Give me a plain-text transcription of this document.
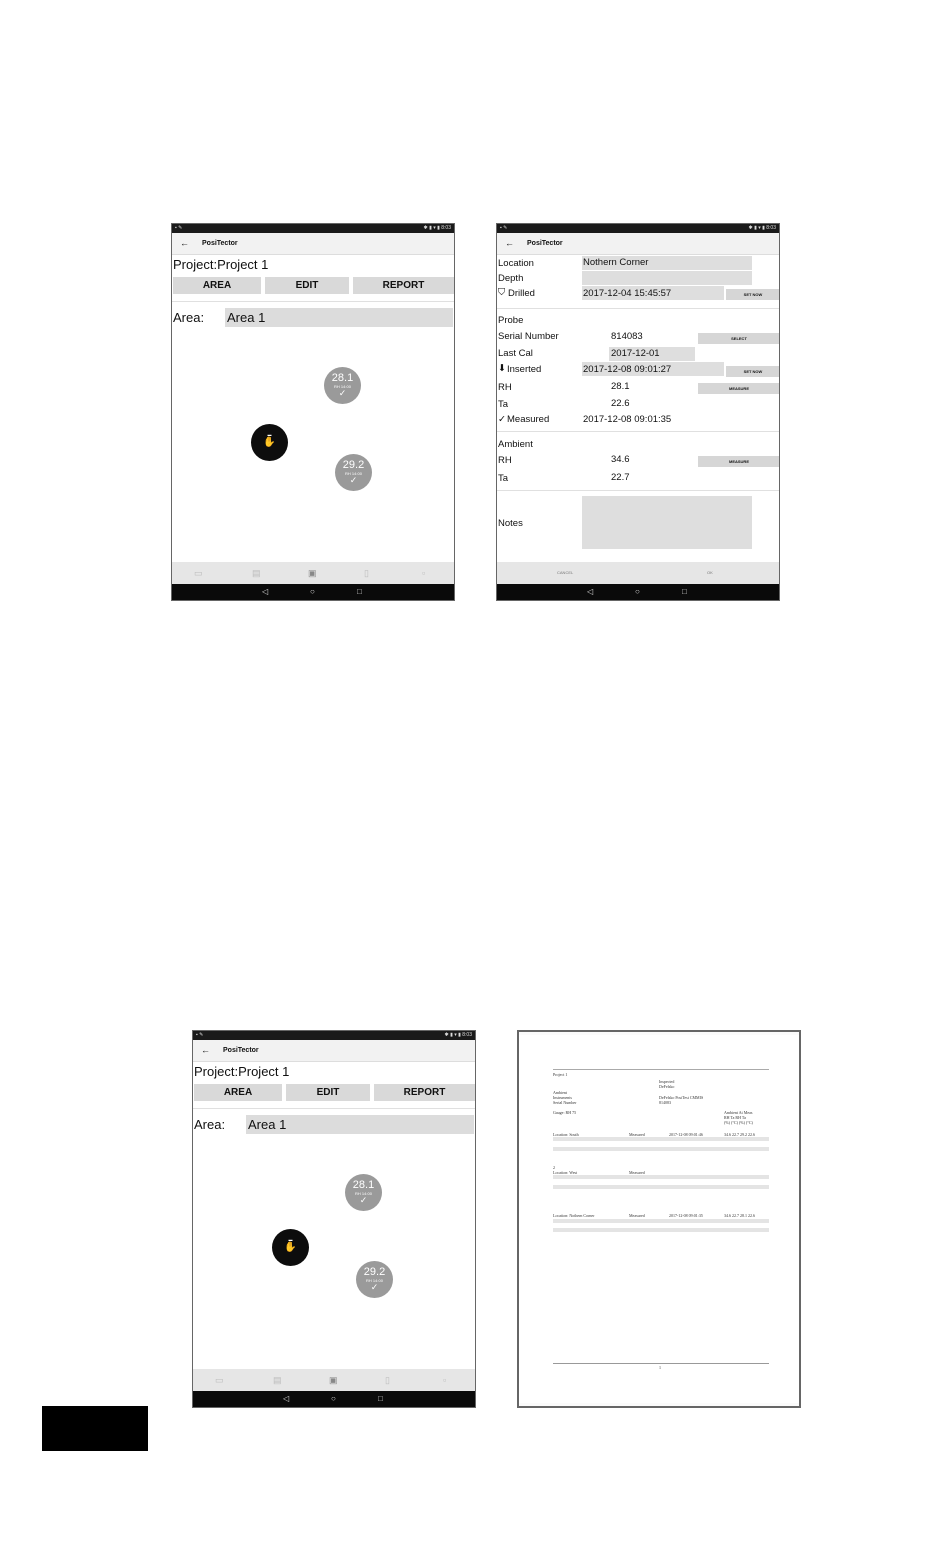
▪ ✎	✱ ▮ ▾ ▮ 8:03
← PosiTector
Project:Project 1
AREA	EDIT	REPORT
Area: Area 1
28.1
RH 14:00
✓
▬
✋
29.2
RH 14:00
✓
▭	▤	▣	▯	▫
◁	○	□
▪ ✎	✱ ▮ ▾ ▮ 8:03
← PosiTector
Location	Nothern Corner
Depth
⛉ Drilled	2017-12-04 15:45:57	SET NOW
Probe
Serial Number	814083	SELECT
Last Cal	2017-12-01
⬇ Inserted	2017-12-08 09:01:27	SET NOW
RH	28.1	MEASURE
Ta	22.6
✓ Measured	2017-12-08 09:01:35
Ambient
RH	34.6	MEASURE
Ta	22.7
Notes
CANCEL	OK
◁	○	□
▪ ✎	✱ ▮ ▾ ▮ 8:03
← PosiTector
Project:Project 1
AREA	EDIT	REPORT
Area: Area 1
28.1
RH 14:00
✓
▬
✋
29.2
RH 14:00
✓
▭	▤	▣	▯	▫
◁	○	□
Project 1
Inspected
DeFelsko
Ambient
Instruments	DeFelsko PosiTest CMMIS
Serial Number	814083
Gauge: RH 75	Ambient At Meas
RH Ta RH Ta
(%) (°C) (%) (°C)
Location: South	Measured	2017-12-08 09:01:46	34.6 22.7 29.2 22.6
2
Location: West	Measured
Location: Nothern Corner	Measured	2017-12-08 09:01:35	34.6 22.7 28.1 22.6
1
